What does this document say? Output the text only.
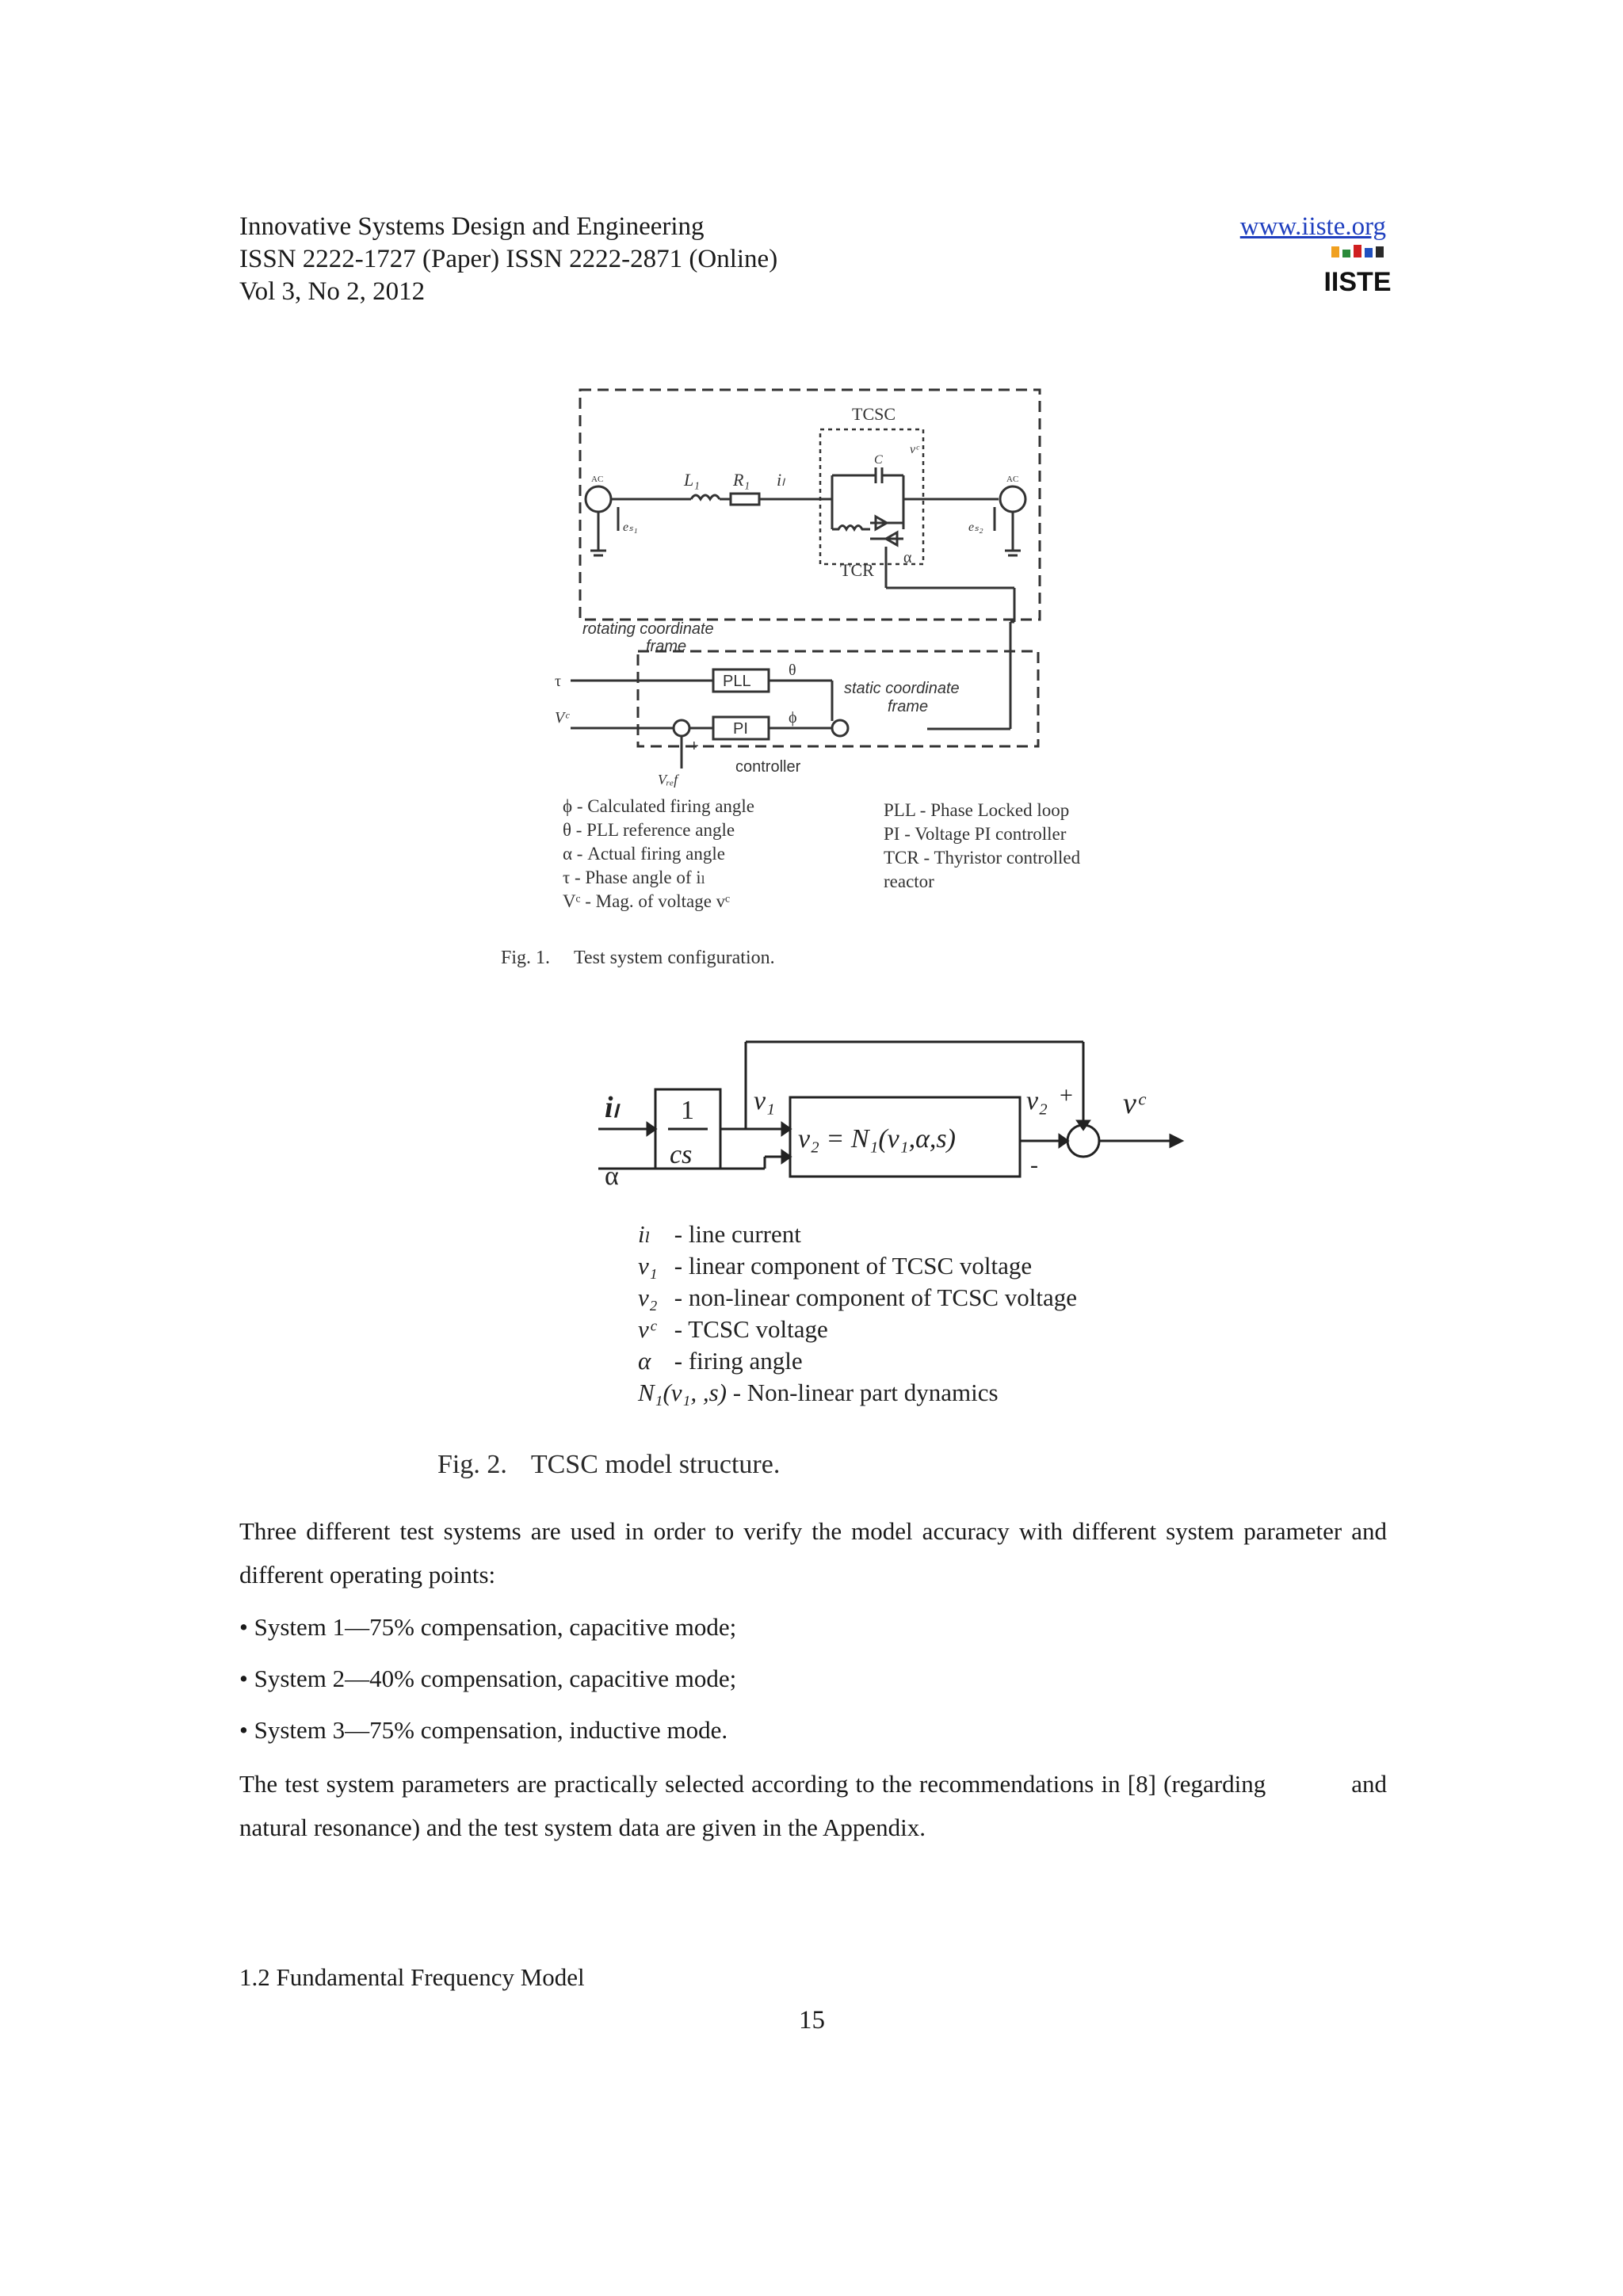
Innovative Systems Design and Engineering
ISSN 2222-1727 (Paper) ISSN 2222-2871 (Online)
Vol 3, No 2, 2012
www.iiste.org
IISTE
TCSC
TCR
L₁ R₁ iₗ
C
vᶜ
α
eₛ₁	eₛ₂
AC	AC
rotating coordinate
frame
static coordinate
frame
controller
PLL
PI
θ
ϕ
τ
Vᶜ
Vᵣₑf
- +
ϕ - Calculated firing angle
θ - PLL reference angle
α - Actual firing angle
τ - Phase angle of iₗ
Vᶜ - Mag. of voltage vᶜ
PLL - Phase Locked loop
PI - Voltage PI controller
TCR - Thyristor controlled
reactor
Fig. 1. Test system configuration.
iₗ
α
1
cs
v₁	v₂	vᶜ
v₂ = N₁(v₁,α,s)
+
-
iₗ - line current
v₁ - linear component of TCSC voltage
v₂ - non-linear component of TCSC voltage
vᶜ - TCSC voltage
α - firing angle
N₁(v₁, ,s) - Non-linear part dynamics
Fig. 2. TCSC model structure.
Three different test systems are used in order to verify the model accuracy with different system parameter and different operating points:
• System 1—75% compensation, capacitive mode;
• System 2—40% compensation, capacitive mode;
• System 3—75% compensation, inductive mode.
The test system parameters are practically selected according to the recommendations in [8] (regarding	and natural resonance) and the test system data are given in the Appendix.
1.2 Fundamental Frequency Model
15
